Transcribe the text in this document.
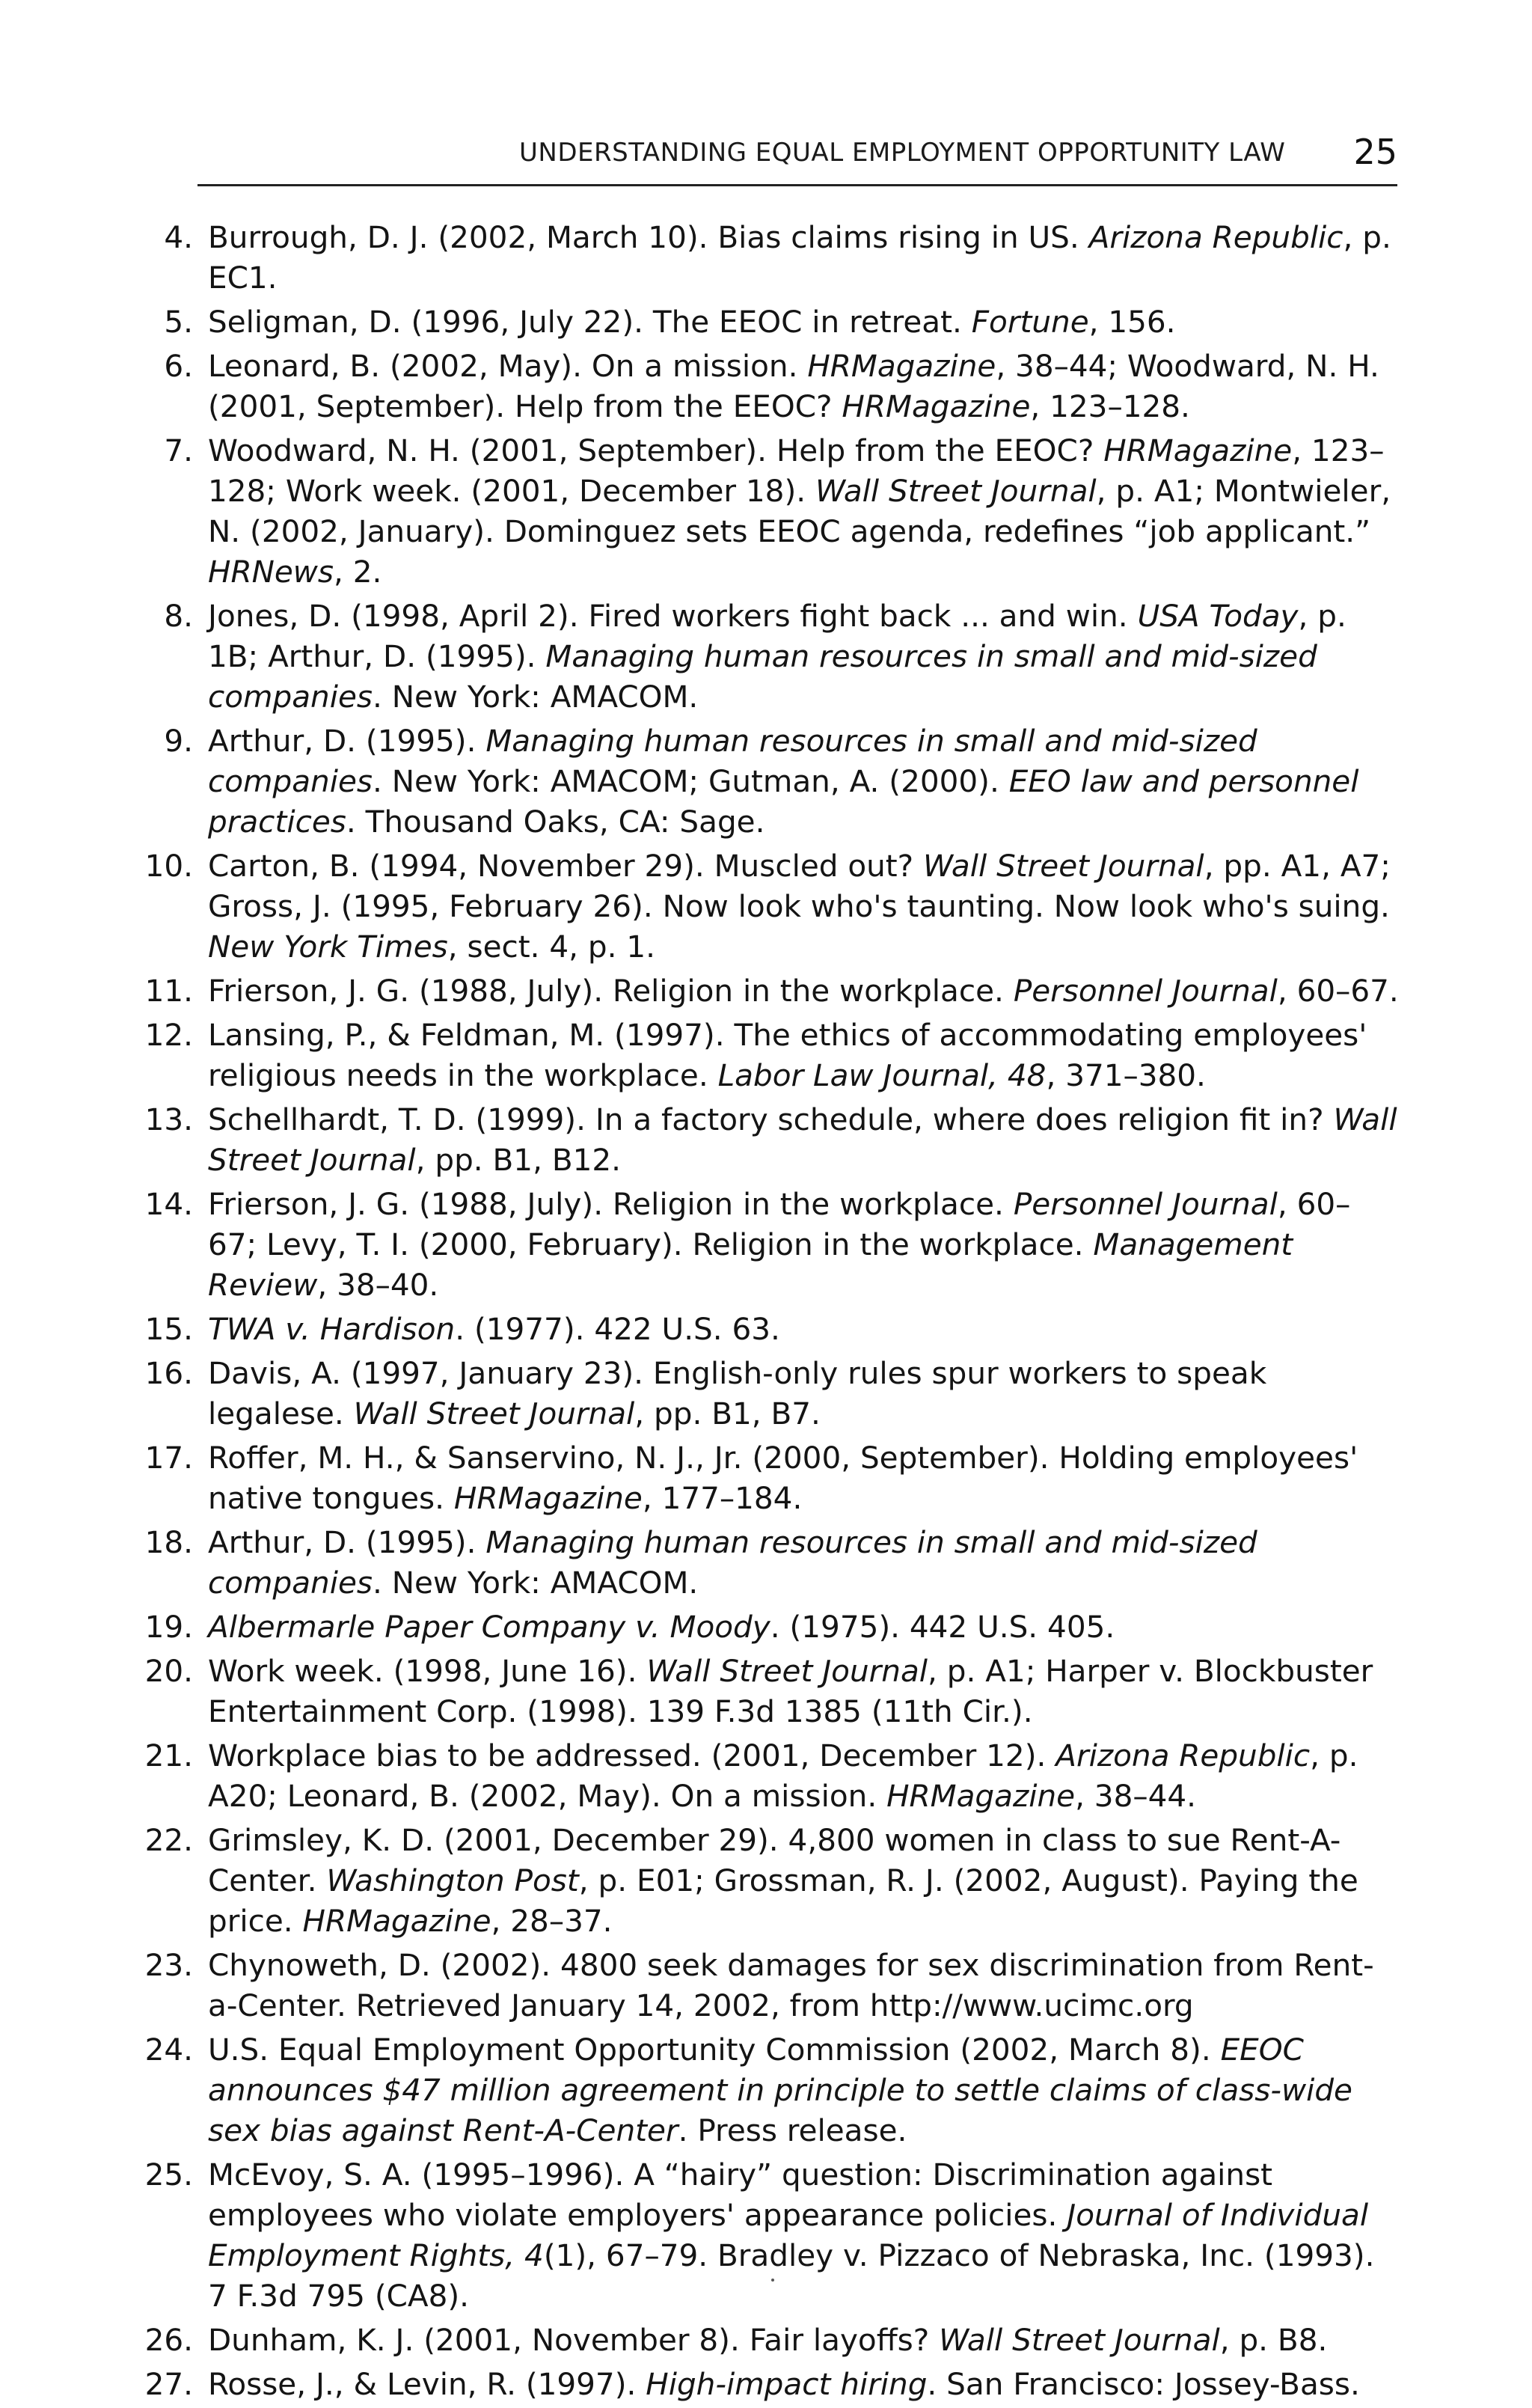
UNDERSTANDING EQUAL EMPLOYMENT OPPORTUNITY LAW 25
4. Burrough, D. J. (2002, March 10). Bias claims rising in US. Arizona Republic, p. EC1.
5. Seligman, D. (1996, July 22). The EEOC in retreat. Fortune, 156.
6. Leonard, B. (2002, May). On a mission. HRMagazine, 38–44; Woodward, N. H. (2001, September). Help from the EEOC? HRMagazine, 123–128.
7. Woodward, N. H. (2001, September). Help from the EEOC? HRMagazine, 123–128; Work week. (2001, December 18). Wall Street Journal, p. A1; Montwieler, N. (2002, January). Dominguez sets EEOC agenda, redefines “job applicant.” HRNews, 2.
8. Jones, D. (1998, April 2). Fired workers fight back ... and win. USA Today, p. 1B; Arthur, D. (1995). Managing human resources in small and mid-sized companies. New York: AMACOM.
9. Arthur, D. (1995). Managing human resources in small and mid-sized companies. New York: AMACOM; Gutman, A. (2000). EEO law and personnel practices. Thousand Oaks, CA: Sage.
10. Carton, B. (1994, November 29). Muscled out? Wall Street Journal, pp. A1, A7; Gross, J. (1995, February 26). Now look who's taunting. Now look who's suing. New York Times, sect. 4, p. 1.
11. Frierson, J. G. (1988, July). Religion in the workplace. Personnel Journal, 60–67.
12. Lansing, P., & Feldman, M. (1997). The ethics of accommodating employees' religious needs in the workplace. Labor Law Journal, 48, 371–380.
13. Schellhardt, T. D. (1999). In a factory schedule, where does religion fit in? Wall Street Journal, pp. B1, B12.
14. Frierson, J. G. (1988, July). Religion in the workplace. Personnel Journal, 60–67; Levy, T. I. (2000, February). Religion in the workplace. Management Review, 38–40.
15. TWA v. Hardison. (1977). 422 U.S. 63.
16. Davis, A. (1997, January 23). English-only rules spur workers to speak legalese. Wall Street Journal, pp. B1, B7.
17. Roffer, M. H., & Sanservino, N. J., Jr. (2000, September). Holding employees' native tongues. HRMagazine, 177–184.
18. Arthur, D. (1995). Managing human resources in small and mid-sized companies. New York: AMACOM.
19. Albermarle Paper Company v. Moody. (1975). 442 U.S. 405.
20. Work week. (1998, June 16). Wall Street Journal, p. A1; Harper v. Blockbuster Entertainment Corp. (1998). 139 F.3d 1385 (11th Cir.).
21. Workplace bias to be addressed. (2001, December 12). Arizona Republic, p. A20; Leonard, B. (2002, May). On a mission. HRMagazine, 38–44.
22. Grimsley, K. D. (2001, December 29). 4,800 women in class to sue Rent-A-Center. Washington Post, p. E01; Grossman, R. J. (2002, August). Paying the price. HRMagazine, 28–37.
23. Chynoweth, D. (2002). 4800 seek damages for sex discrimination from Rent-a-Center. Retrieved January 14, 2002, from http://www.ucimc.org
24. U.S. Equal Employment Opportunity Commission (2002, March 8). EEOC announces $47 million agreement in principle to settle claims of class-wide sex bias against Rent-A-Center. Press release.
25. McEvoy, S. A. (1995–1996). A “hairy” question: Discrimination against employees who violate employers' appearance policies. Journal of Individual Employment Rights, 4(1), 67–79. Bradley v. Pizzaco of Nebraska, Inc. (1993). 7 F.3d 795 (CA8).
26. Dunham, K. J. (2001, November 8). Fair layoffs? Wall Street Journal, p. B8.
27. Rosse, J., & Levin, R. (1997). High-impact hiring. San Francisco: Jossey-Bass.
